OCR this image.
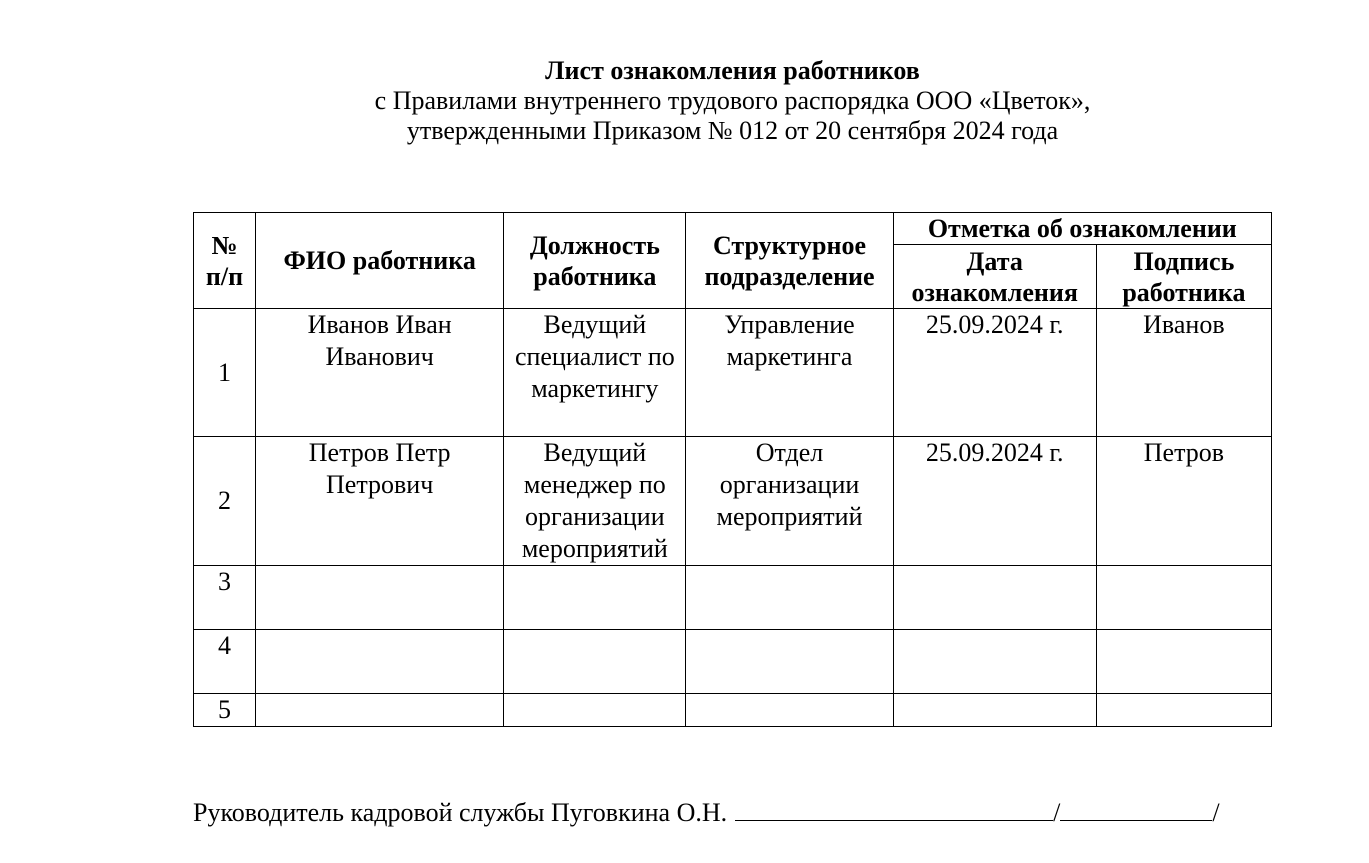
Лист ознакомления работников
с Правилами внутреннего трудового распорядка ООО «Цветок»,
утвержденными Приказом № 012 от 20 сентября 2024 года
№ п/п	ФИО работника	Должность работника	Структурное подразделение	Отметка об ознакомлении	
				Дата ознакомления	Подпись работника
1	Иванов Иван Иванович	Ведущий специалист по маркетингу	Управление маркетинга	25.09.2024 г.	Иванов
2	Петров Петр Петрович	Ведущий менеджер по организации мероприятий	Отдел организации мероприятий	25.09.2024 г.	Петров
3					
4					
5					
Руководитель кадровой службы Пуговкина О.Н.	/	/
